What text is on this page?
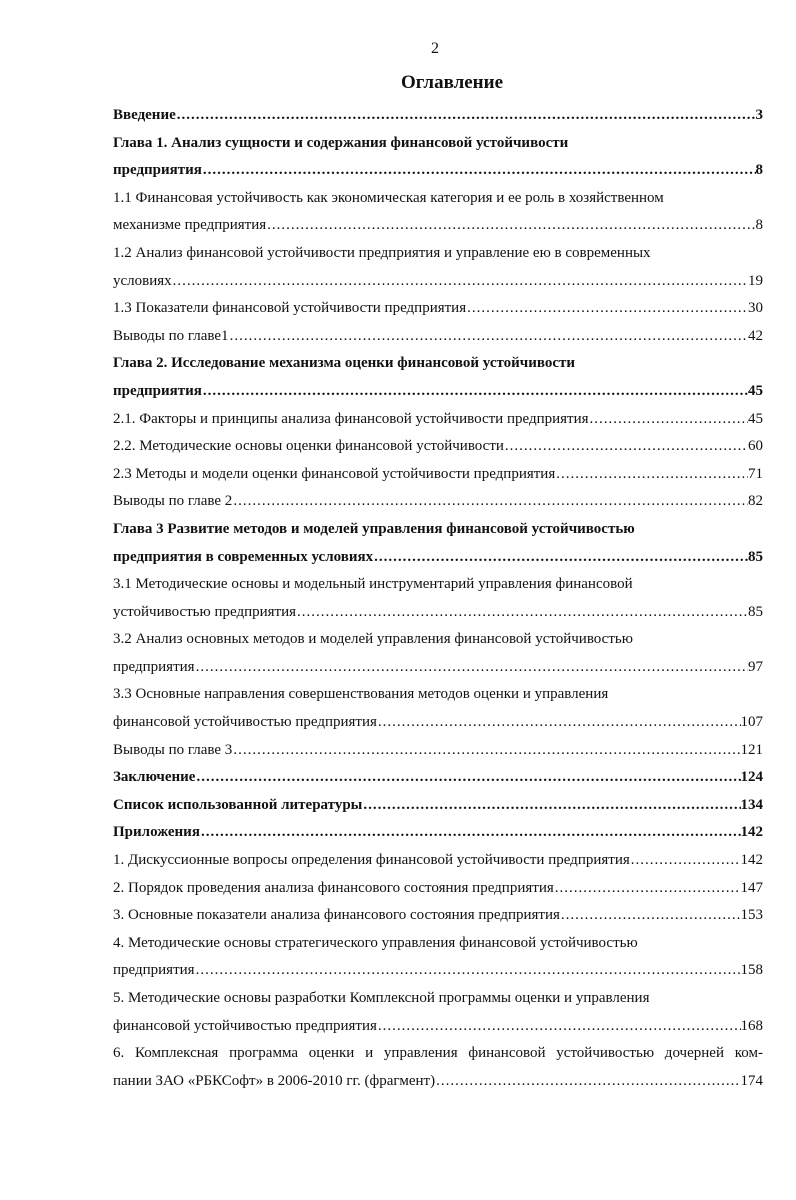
2
Оглавление
Введение .....	3
Глава 1. Анализ сущности и содержания финансовой устойчивости
предприятия .....	8
1.1 Финансовая устойчивость как экономическая категория и ее роль в хозяйственном
механизме предприятия .....	8
1.2 Анализ финансовой устойчивости предприятия и управление ею в современных
условиях .....	19
1.3 Показатели финансовой устойчивости предприятия .....	30
Выводы по главе1 .....	42
Глава 2. Исследование механизма оценки финансовой устойчивости
предприятия .....	45
2.1. Факторы и принципы анализа финансовой устойчивости предприятия .....	45
2.2. Методические основы оценки финансовой устойчивости .....	60
2.3 Методы и модели оценки финансовой устойчивости предприятия .....	71
Выводы по главе 2 .....	82
Глава 3 Развитие методов и моделей управления финансовой устойчивостью
предприятия в современных условиях .....	85
3.1 Методические основы и модельный инструментарий управления финансовой
устойчивостью предприятия .....	85
3.2 Анализ основных методов и моделей управления финансовой устойчивостью
предприятия .....	97
3.3 Основные направления совершенствования методов оценки и управления
финансовой устойчивостью предприятия .....	107
Выводы по главе 3 .....	121
Заключение .....	124
Список использованной литературы .....	134
Приложения .....	142
1. Дискуссионные вопросы определения финансовой устойчивости предприятия .....	142
2. Порядок проведения анализа финансового состояния предприятия .....	147
3. Основные показатели анализа финансового состояния предприятия .....	153
4. Методические основы стратегического управления финансовой устойчивостью
предприятия .....	158
5. Методические основы разработки Комплексной программы оценки и управления
финансовой устойчивостью предприятия .....	168
6. Комплексная программа оценки и управления финансовой устойчивостью дочерней ком-
пании ЗАО «РБКСофт» в 2006-2010 гг. (фрагмент) .....	174
